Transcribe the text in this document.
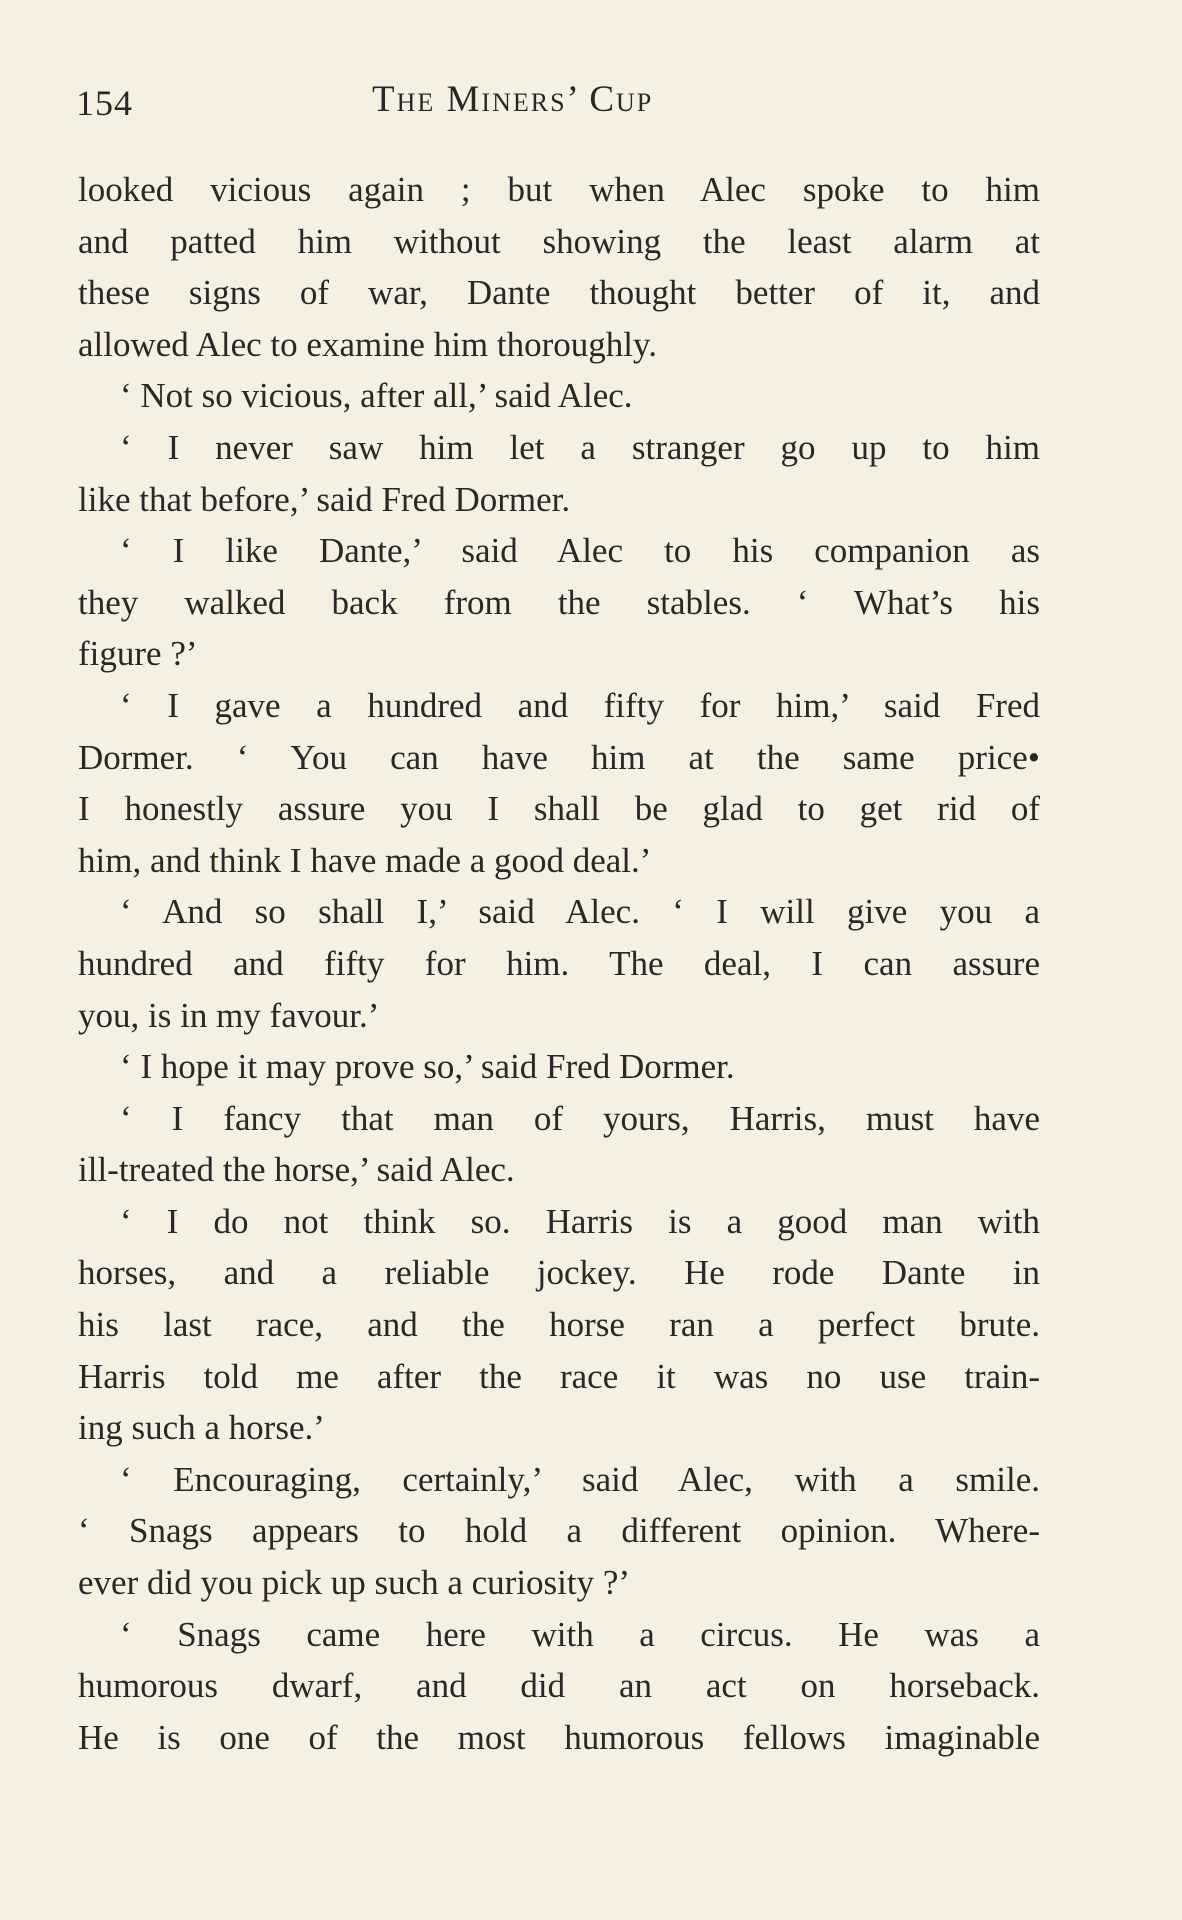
154	The Miners’ Cup
looked vicious again ; but when Alec spoke to him
and patted him without showing the least alarm at
these signs of war, Dante thought better of it, and
allowed Alec to examine him thoroughly.
‘ Not so vicious, after all,’ said Alec.
‘ I never saw him let a stranger go up to him
like that before,’ said Fred Dormer.
‘ I like Dante,’ said Alec to his companion as
they walked back from the stables. ‘ What’s his
figure ?’
‘ I gave a hundred and fifty for him,’ said Fred
Dormer. ‘ You can have him at the same price•
I honestly assure you I shall be glad to get rid of
him, and think I have made a good deal.’
‘ And so shall I,’ said Alec. ‘ I will give you a
hundred and fifty for him. The deal, I can assure
you, is in my favour.’
‘ I hope it may prove so,’ said Fred Dormer.
‘ I fancy that man of yours, Harris, must have
ill-treated the horse,’ said Alec.
‘ I do not think so. Harris is a good man with
horses, and a reliable jockey. He rode Dante in
his last race, and the horse ran a perfect brute.
Harris told me after the race it was no use train-
ing such a horse.’
‘ Encouraging, certainly,’ said Alec, with a smile.
‘ Snags appears to hold a different opinion. Where-
ever did you pick up such a curiosity ?’
‘ Snags came here with a circus. He was a
humorous dwarf, and did an act on horseback.
He is one of the most humorous fellows imaginable
